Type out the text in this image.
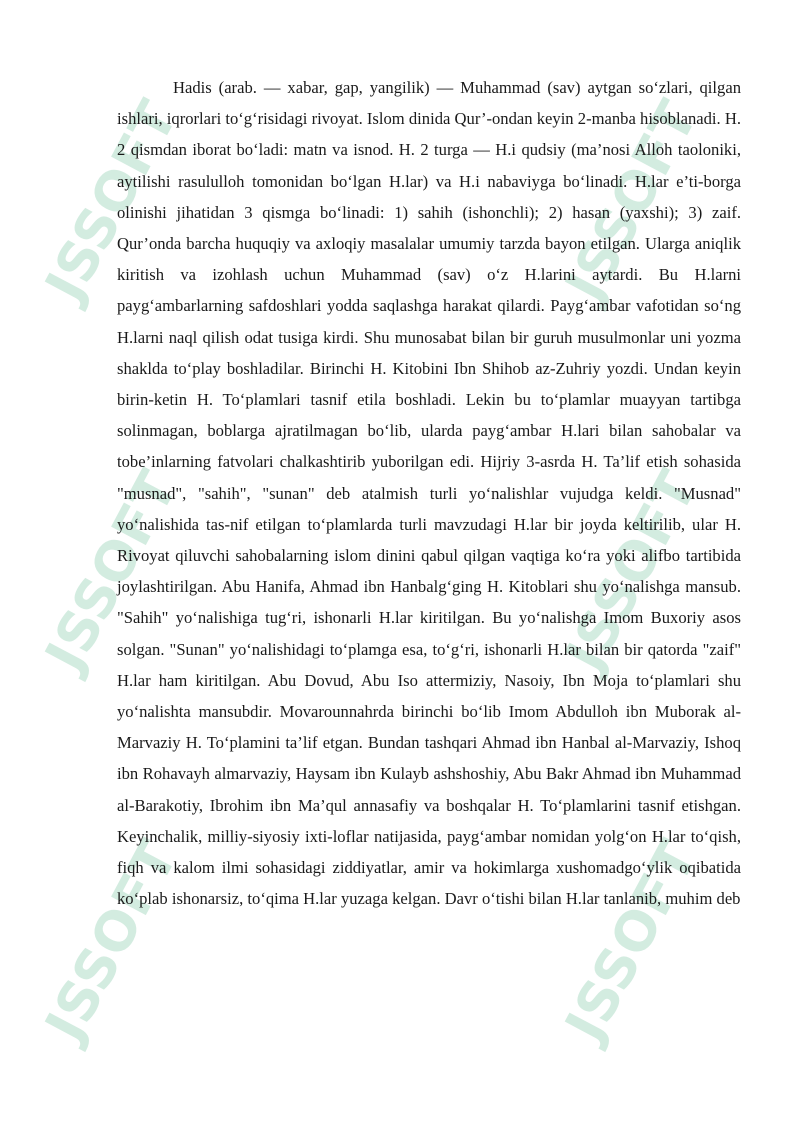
JSSOFT	JSSOFT
JSSOFT	JSSOFT
JSSOFT	JSSOFT

Hadis (arab. — xabar, gap, yangilik) — Muhammad (sav) aytgan so‘zlari, qilgan ishlari, iqrorlari to‘g‘risidagi rivoyat. Islom dinida Qur’-ondan keyin 2-manba hisoblanadi. H. 2 qismdan iborat bo‘ladi: matn va isnod. H. 2 turga — H.i qudsiy (ma’nosi Alloh taoloniki, aytilishi rasululloh tomonidan bo‘lgan H.lar) va H.i nabaviyga bo‘linadi. H.lar e’ti-borga olinishi jihatidan 3 qismga bo‘linadi: 1) sahih (ishonchli); 2) hasan (yaxshi); 3) zaif. Qur’onda barcha huquqiy va axloqiy masalalar umumiy tarzda bayon etilgan. Ularga aniqlik kiritish va izohlash uchun Muhammad (sav) o‘z H.larini aytardi. Bu H.larni payg‘ambarlarning safdoshlari yodda saqlashga harakat qilardi. Payg‘ambar vafotidan so‘ng H.larni naql qilish odat tusiga kirdi. Shu munosabat bilan bir guruh musulmonlar uni yozma shaklda to‘play boshladilar. Birinchi H. Kitobini Ibn Shihob az-Zuhriy yozdi. Undan keyin birin-ketin H. To‘plamlari tasnif etila boshladi. Lekin bu to‘plamlar muayyan tartibga solinmagan, boblarga ajratilmagan bo‘lib, ularda payg‘ambar H.lari bilan sahobalar va tobe’inlarning fatvolari chalkashtirib yuborilgan edi. Hijriy 3-asrda H. Ta’lif etish sohasida "musnad", "sahih", "sunan" deb atalmish turli yo‘nalishlar vujudga keldi. "Musnad" yo‘nalishida tas-nif etilgan to‘plamlarda turli mavzudagi H.lar bir joyda keltirilib, ular H. Rivoyat qiluvchi sahobalarning islom dinini qabul qilgan vaqtiga ko‘ra yoki alifbo tartibida joylashtirilgan. Abu Hanifa, Ahmad ibn Hanbalg‘ging H. Kitoblari shu yo‘nalishga mansub. "Sahih" yo‘nalishiga tug‘ri, ishonarli H.lar kiritilgan. Bu yo‘nalishga Imom Buxoriy asos solgan. "Sunan" yo‘nalishidagi to‘plamga esa, to‘g‘ri, ishonarli H.lar bilan bir qatorda "zaif" H.lar ham kiritilgan. Abu Dovud, Abu Iso attermiziy, Nasoiy, Ibn Moja to‘plamlari shu yo‘nalishta mansubdir. Movarounnahrda birinchi bo‘lib Imom Abdulloh ibn Muborak al-Marvaziy H. To‘plamini ta’lif etgan. Bundan tashqari Ahmad ibn Hanbal al-Marvaziy, Ishoq ibn Rohavayh almarvaziy, Haysam ibn Kulayb ashshoshiy, Abu Bakr Ahmad ibn Muhammad al-Barakotiy, Ibrohim ibn Ma’qul annasafiy va boshqalar H. To‘plamlarini tasnif etishgan. Keyinchalik, milliy-siyosiy ixti-loflar natijasida, payg‘ambar nomidan yolg‘on H.lar to‘qish, fiqh va kalom ilmi sohasidagi ziddiyatlar, amir va hokimlarga xushomadgo‘ylik oqibatida ko‘plab ishonarsiz, to‘qima H.lar yuzaga kelgan. Davr o‘tishi bilan H.lar tanlanib, muhim deb
